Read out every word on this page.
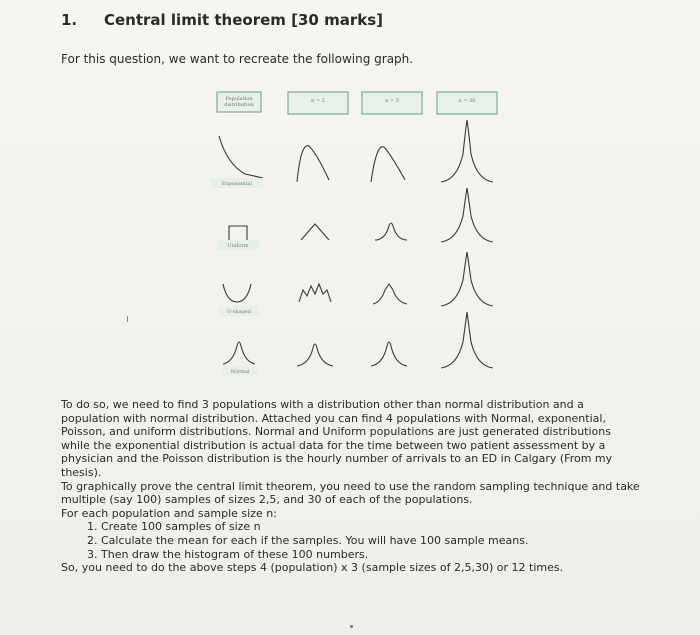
1. Central limit theorem [30 marks]
For this question, we want to recreate the following graph.
Population
distribution
n = 2	n = 5	n = 30
Exponential
Uniform
U-shaped
Normal

To do so, we need to find 3 populations with a distribution other than normal distribution and a population with normal distribution. Attached you can find 4 populations with Normal, exponential, Poisson, and uniform distributions. Normal and Uniform populations are just generated distributions while the exponential distribution is actual data for the time between two patient assessment by a physician and the Poisson distribution is the hourly number of arrivals to an ED in Calgary (From my thesis).

To graphically prove the central limit theorem, you need to use the random sampling technique and take multiple (say 100) samples of sizes 2,5, and 30 of each of the populations.

For each population and sample size n:

1. Create 100 samples of size n
2. Calculate the mean for each if the samples. You will have 100 sample means.
3. Then draw the histogram of these 100 numbers.

So, you need to do the above steps 4 (population) x 3 (sample sizes of 2,5,30) or 12 times.
